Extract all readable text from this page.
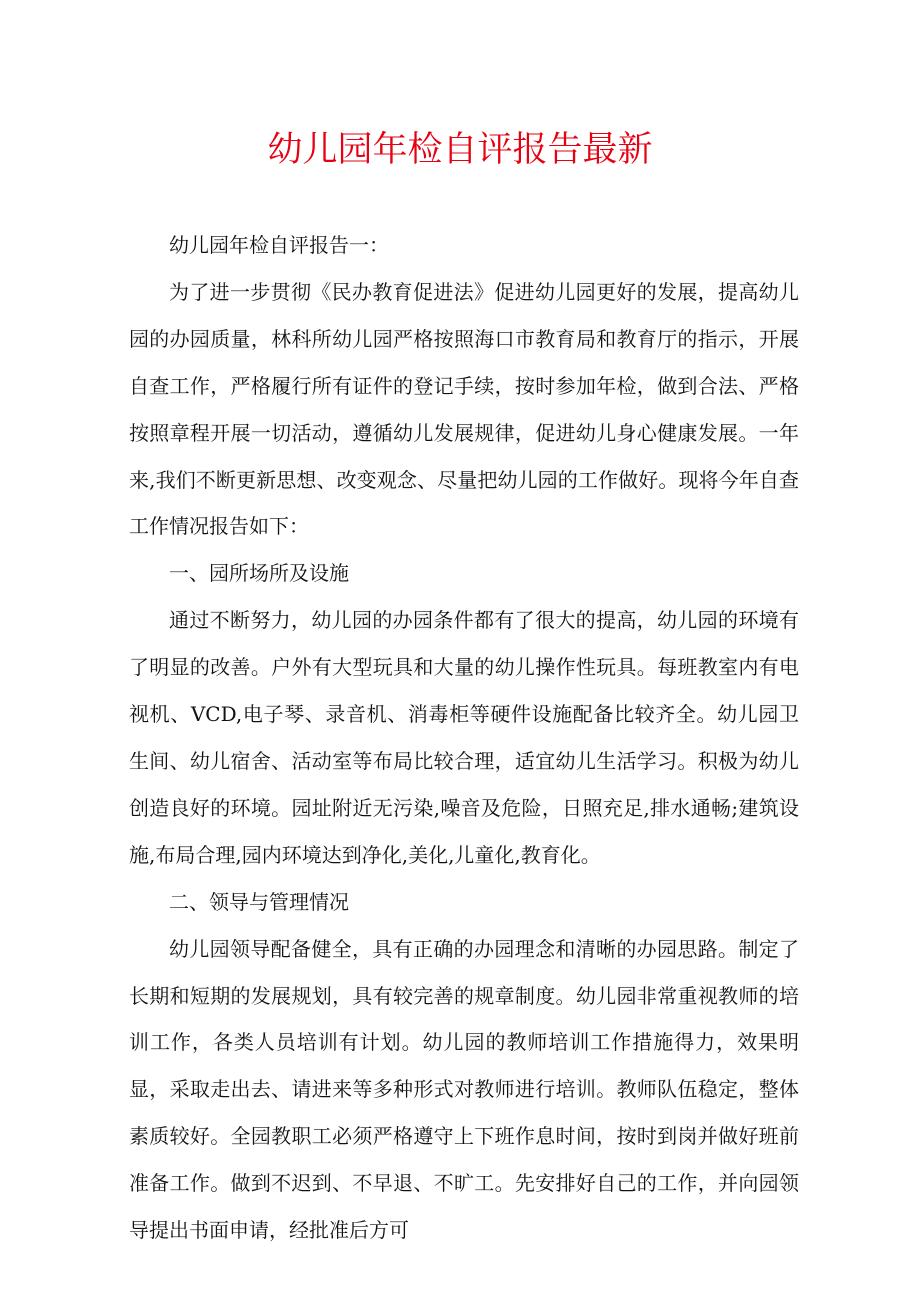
幼儿园年检自评报告最新

幼儿园年检自评报告一：

为了进一步贯彻《民办教育促进法》促进幼儿园更好的发展，提高幼儿园的办园质量，林科所幼儿园严格按照海口市教育局和教育厅的指示，开展自查工作，严格履行所有证件的登记手续，按时参加年检，做到合法、严格按照章程开展一切活动，遵循幼儿发展规律，促进幼儿身心健康发展。一年来,我们不断更新思想、改变观念、尽量把幼儿园的工作做好。现将今年自查工作情况报告如下：

一、园所场所及设施

通过不断努力，幼儿园的办园条件都有了很大的提高，幼儿园的环境有了明显的改善。户外有大型玩具和大量的幼儿操作性玩具。每班教室内有电视机、VCD,电子琴、录音机、消毒柜等硬件设施配备比较齐全。幼儿园卫生间、幼儿宿舍、活动室等布局比较合理，适宜幼儿生活学习。积极为幼儿创造良好的环境。园址附近无污染,噪音及危险，日照充足,排水通畅;建筑设施,布局合理,园内环境达到净化,美化,儿童化,教育化。

二、领导与管理情况

幼儿园领导配备健全，具有正确的办园理念和清晰的办园思路。制定了长期和短期的发展规划，具有较完善的规章制度。幼儿园非常重视教师的培训工作，各类人员培训有计划。幼儿园的教师培训工作措施得力，效果明显，采取走出去、请进来等多种形式对教师进行培训。教师队伍稳定，整体素质较好。全园教职工必须严格遵守上下班作息时间，按时到岗并做好班前准备工作。做到不迟到、不早退、不旷工。先安排好自己的工作，并向园领导提出书面申请，经批准后方可
